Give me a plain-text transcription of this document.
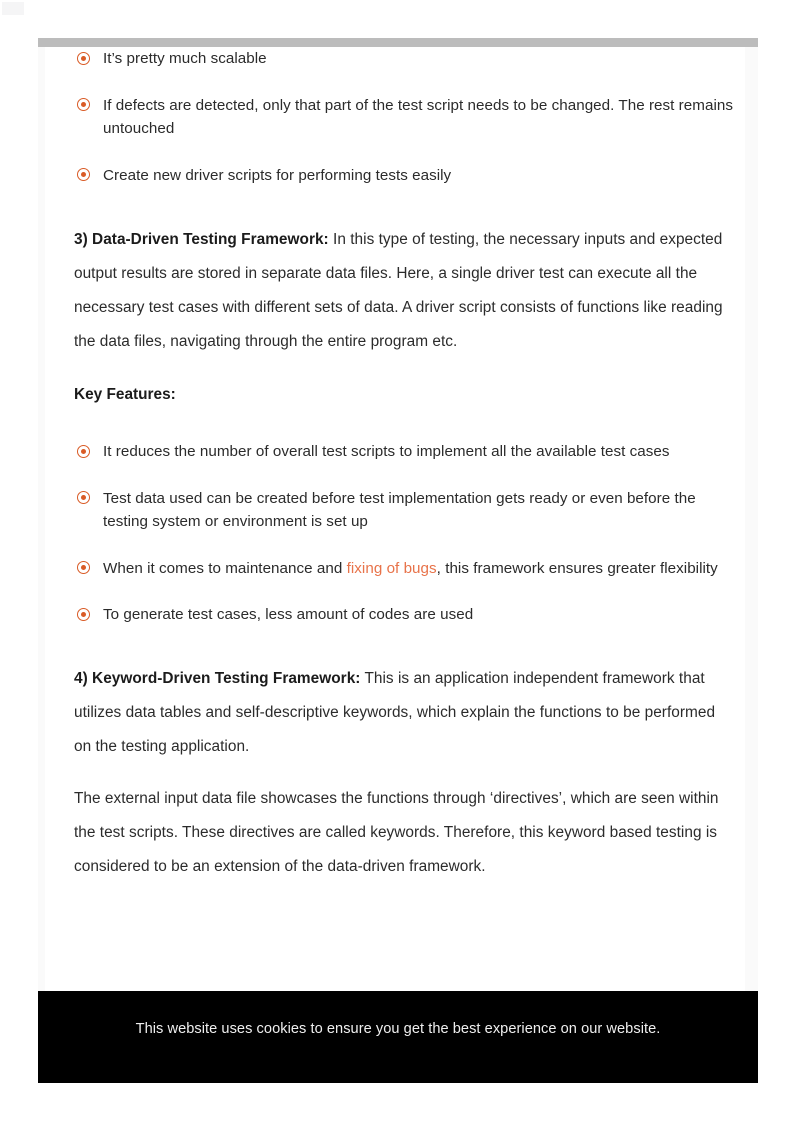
It’s pretty much scalable
If defects are detected, only that part of the test script needs to be changed. The rest remains untouched
Create new driver scripts for performing tests easily

3) Data-Driven Testing Framework: In this type of testing, the necessary inputs and expected output results are stored in separate data files. Here, a single driver test can execute all the necessary test cases with different sets of data. A driver script consists of functions like reading the data files, navigating through the entire program etc.

Key Features:
It reduces the number of overall test scripts to implement all the available test cases
Test data used can be created before test implementation gets ready or even before the testing system or environment is set up
When it comes to maintenance and fixing of bugs, this framework ensures greater flexibility
To generate test cases, less amount of codes are used

4) Keyword-Driven Testing Framework: This is an application independent framework that utilizes data tables and self-descriptive keywords, which explain the functions to be performed on the testing application.

The external input data file showcases the functions through ‘directives’, which are seen within the test scripts. These directives are called keywords. Therefore, this keyword based testing is considered to be an extension of the data-driven framework.

This website uses cookies to ensure you get the best experience on our website.
